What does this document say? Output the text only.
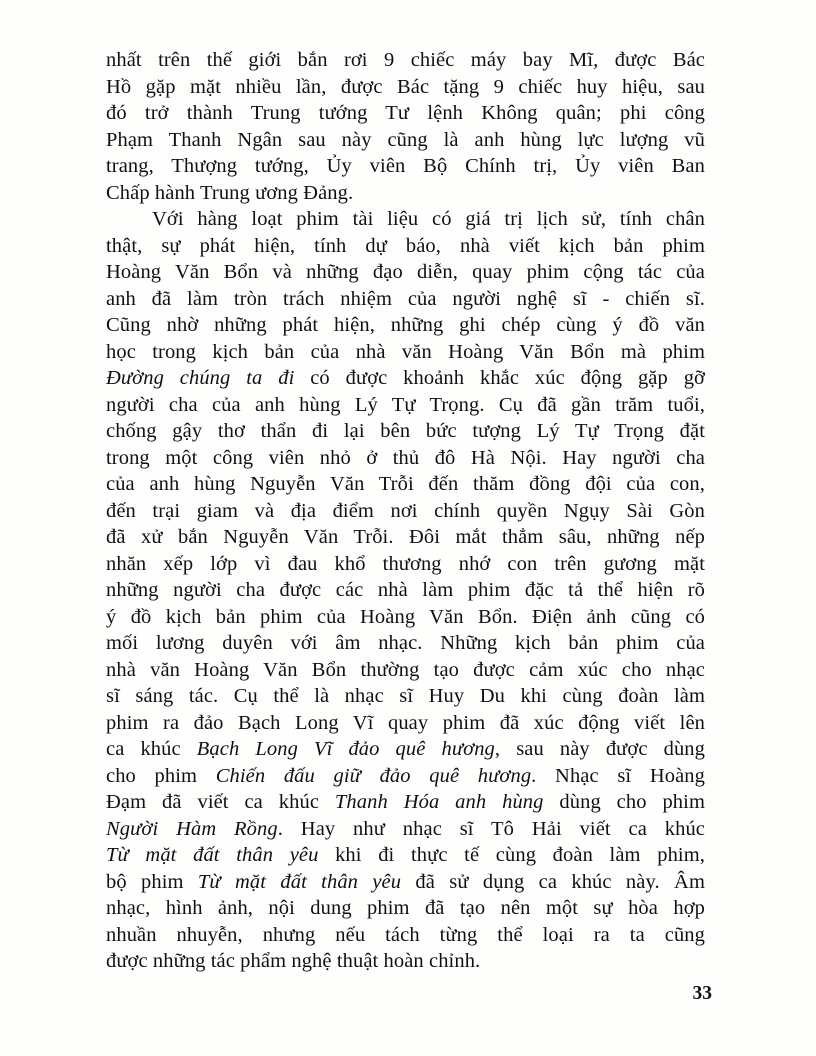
nhất trên thế giới bắn rơi 9 chiếc máy bay Mĩ, được Bác
Hồ gặp mặt nhiều lần, được Bác tặng 9 chiếc huy hiệu, sau
đó trở thành Trung tướng Tư lệnh Không quân; phi công
Phạm Thanh Ngân sau này cũng là anh hùng lực lượng vũ
trang, Thượng tướng, Ủy viên Bộ Chính trị, Ủy viên Ban
Chấp hành Trung ương Đảng.
Với hàng loạt phim tài liệu có giá trị lịch sử, tính chân
thật, sự phát hiện, tính dự báo, nhà viết kịch bản phim
Hoàng Văn Bổn và những đạo diễn, quay phim cộng tác của
anh đã làm tròn trách nhiệm của người nghệ sĩ - chiến sĩ.
Cũng nhờ những phát hiện, những ghi chép cùng ý đồ văn
học trong kịch bản của nhà văn Hoàng Văn Bổn mà phim
Đường chúng ta đi có được khoảnh khắc xúc động gặp gỡ
người cha của anh hùng Lý Tự Trọng. Cụ đã gần trăm tuổi,
chống gậy thơ thẩn đi lại bên bức tượng Lý Tự Trọng đặt
trong một công viên nhỏ ở thủ đô Hà Nội. Hay người cha
của anh hùng Nguyễn Văn Trỗi đến thăm đồng đội của con,
đến trại giam và địa điểm nơi chính quyền Ngụy Sài Gòn
đã xử bắn Nguyễn Văn Trỗi. Đôi mắt thẳm sâu, những nếp
nhăn xếp lớp vì đau khổ thương nhớ con trên gương mặt
những người cha được các nhà làm phim đặc tả thể hiện rõ
ý đồ kịch bản phim của Hoàng Văn Bổn. Điện ảnh cũng có
mối lương duyên với âm nhạc. Những kịch bản phim của
nhà văn Hoàng Văn Bổn thường tạo được cảm xúc cho nhạc
sĩ sáng tác. Cụ thể là nhạc sĩ Huy Du khi cùng đoàn làm
phim ra đảo Bạch Long Vĩ quay phim đã xúc động viết lên
ca khúc Bạch Long Vĩ đảo quê hương, sau này được dùng
cho phim Chiến đấu giữ đảo quê hương. Nhạc sĩ Hoàng
Đạm đã viết ca khúc Thanh Hóa anh hùng dùng cho phim
Người Hàm Rồng. Hay như nhạc sĩ Tô Hải viết ca khúc
Từ mặt đất thân yêu khi đi thực tế cùng đoàn làm phim,
bộ phim Từ mặt đất thân yêu đã sử dụng ca khúc này. Âm
nhạc, hình ảnh, nội dung phim đã tạo nên một sự hòa hợp
nhuần nhuyễn, nhưng nếu tách từng thể loại ra ta cũng
được những tác phẩm nghệ thuật hoàn chỉnh.
33
